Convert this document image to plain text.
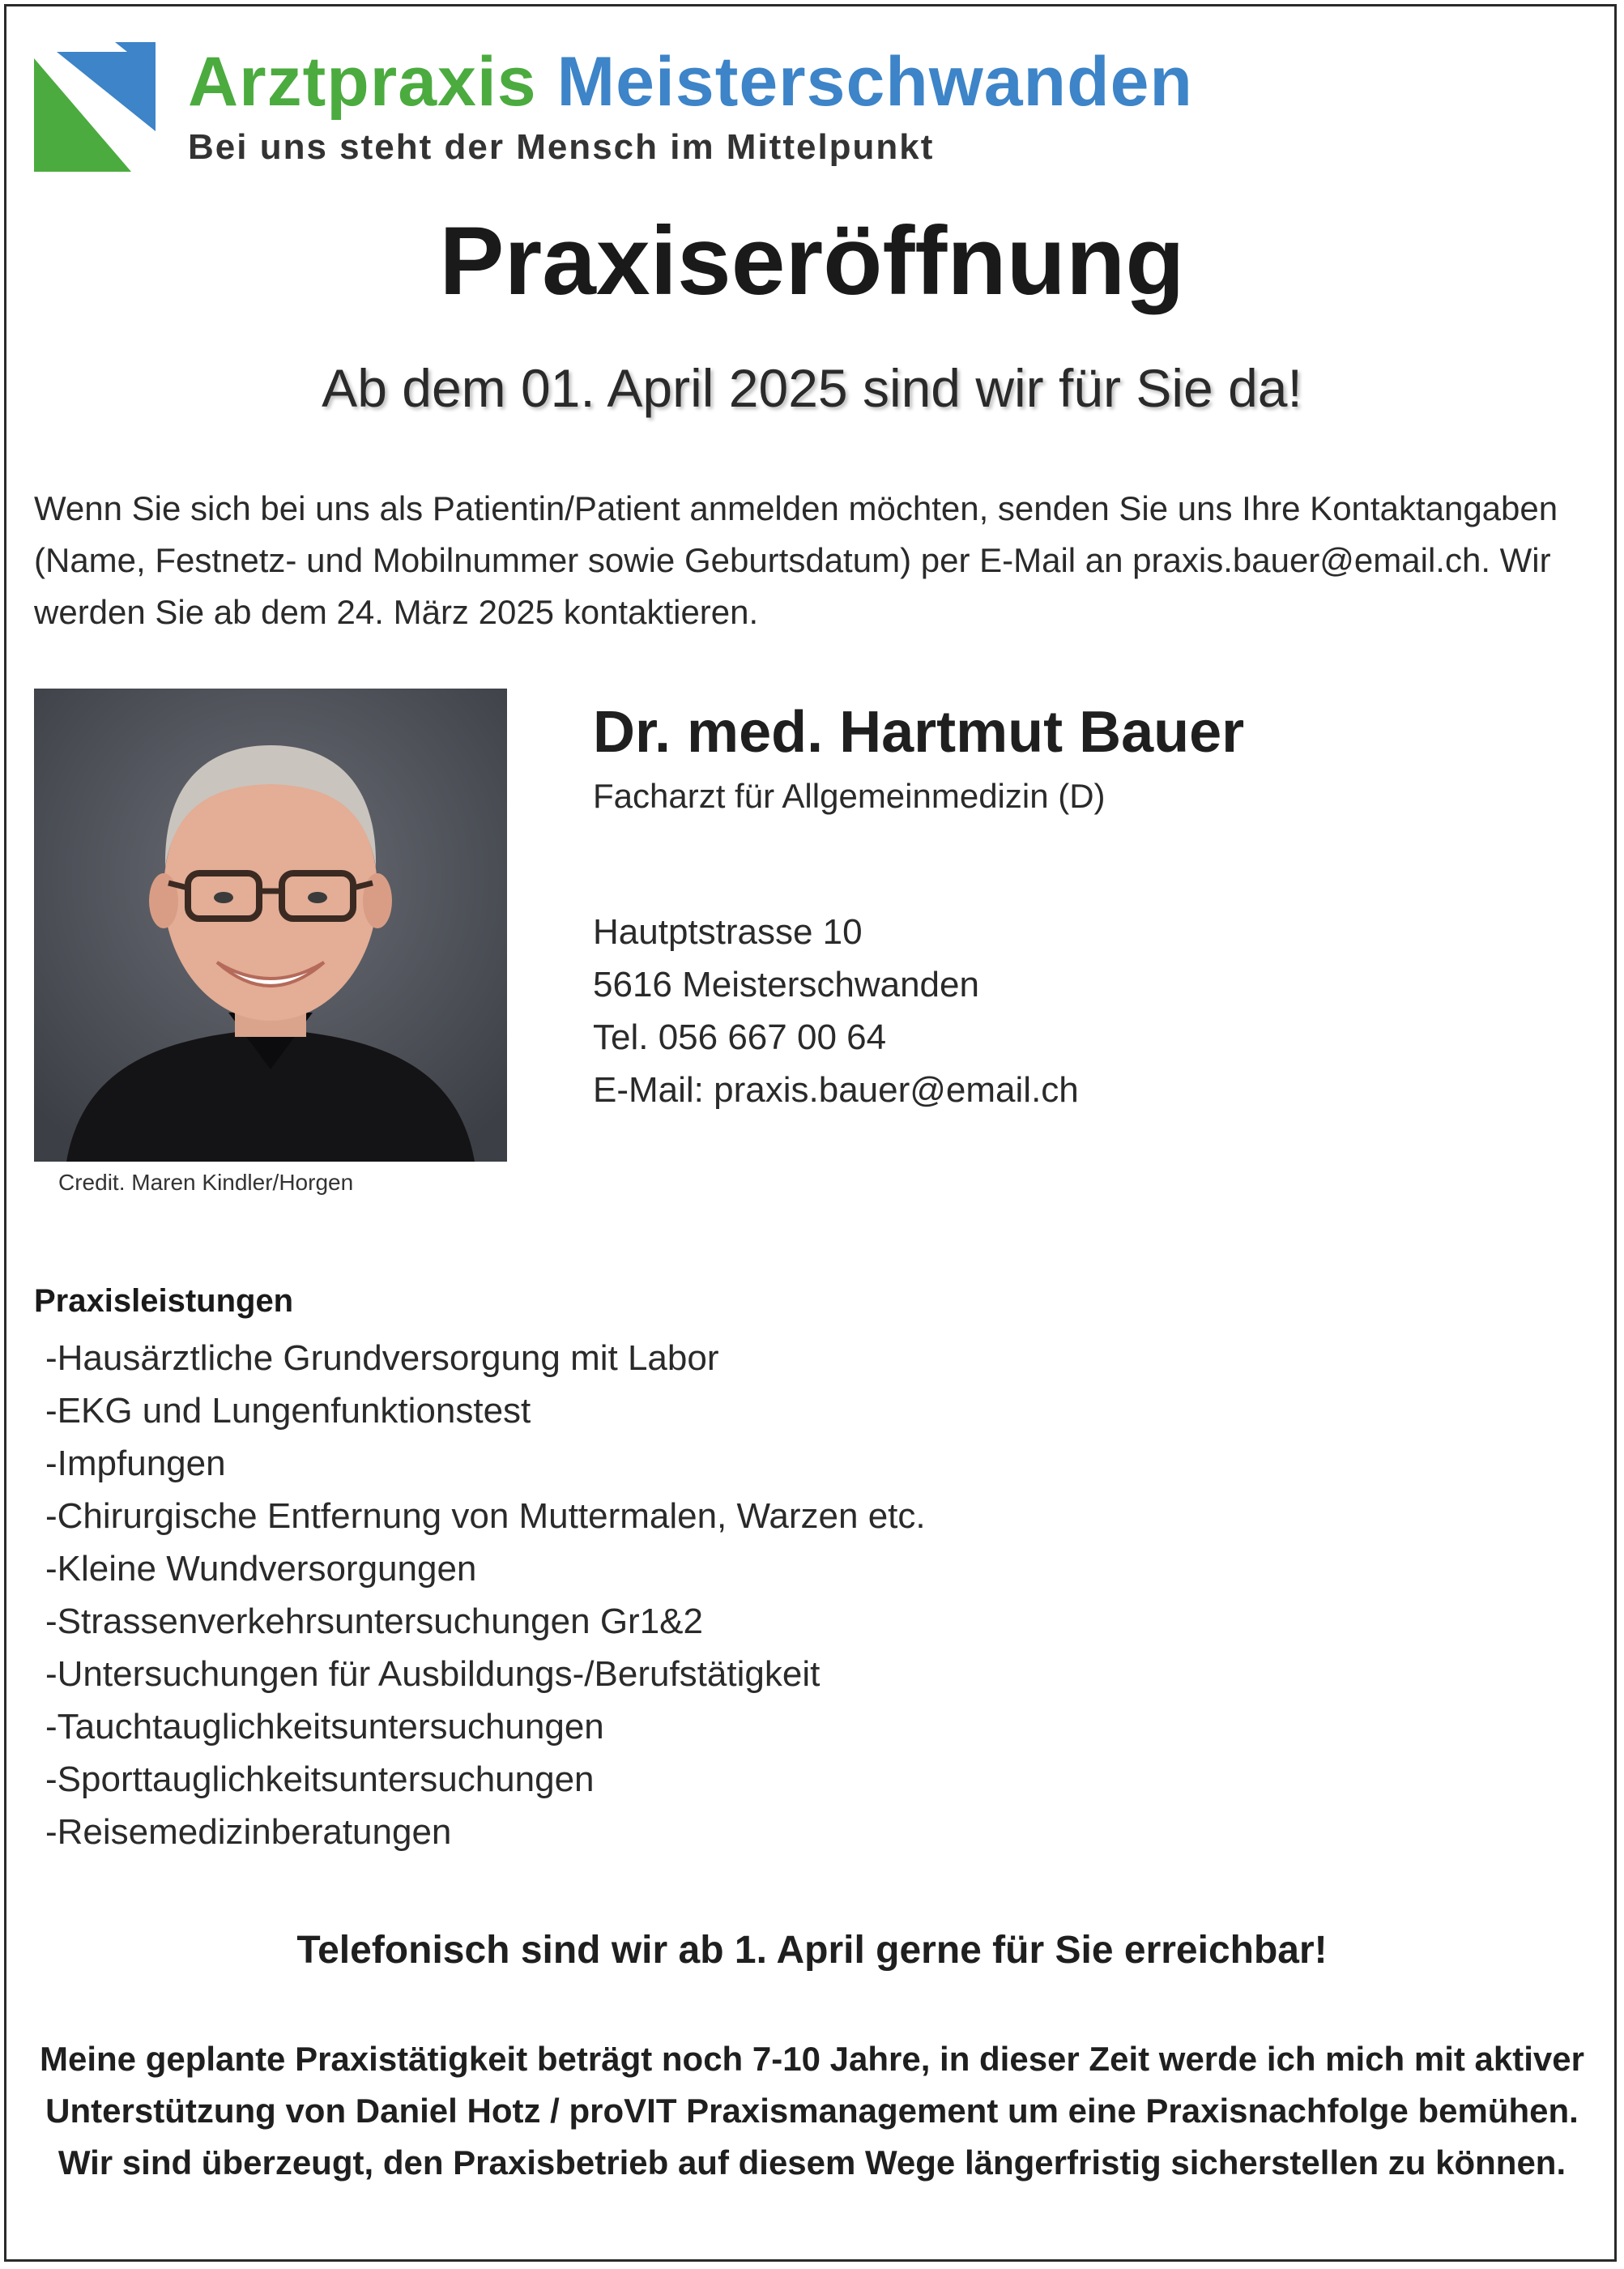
Arztpraxis Meisterschwanden
Bei uns steht der Mensch im Mittelpunkt
Praxiseröffnung
Ab dem 01. April 2025 sind wir für Sie da!

Wenn Sie sich bei uns als Patientin/Patient anmelden möchten, senden Sie uns Ihre Kontaktangaben (Name, Festnetz- und Mobilnummer sowie Geburtsdatum) per E-Mail an praxis.bauer@email.ch. Wir werden Sie ab dem 24. März 2025 kontaktieren.

Credit. Maren Kindler/Horgen
Dr. med. Hartmut Bauer
Facharzt für Allgemeinmedizin (D)
Hautptstrasse 10
5616 Meisterschwanden
Tel. 056 667 00 64
E-Mail: praxis.bauer@email.ch
Praxisleistungen
-Hausärztliche Grundversorgung mit Labor
-EKG und Lungenfunktionstest
-Impfungen
-Chirurgische Entfernung von Muttermalen, Warzen etc.
-Kleine Wundversorgungen
-Strassenverkehrsuntersuchungen Gr1&2
-Untersuchungen für Ausbildungs-/Berufstätigkeit
-Tauchtauglichkeitsuntersuchungen
-Sporttauglichkeitsuntersuchungen
-Reisemedizinberatungen
Telefonisch sind wir ab 1. April gerne für Sie erreichbar!

Meine geplante Praxistätigkeit beträgt noch 7-10 Jahre, in dieser Zeit werde ich mich mit aktiver Unterstützung von Daniel Hotz / proVIT Praxismanagement um eine Praxisnachfolge bemühen. Wir sind überzeugt, den Praxisbetrieb auf diesem Wege längerfristig sicherstellen zu können.
